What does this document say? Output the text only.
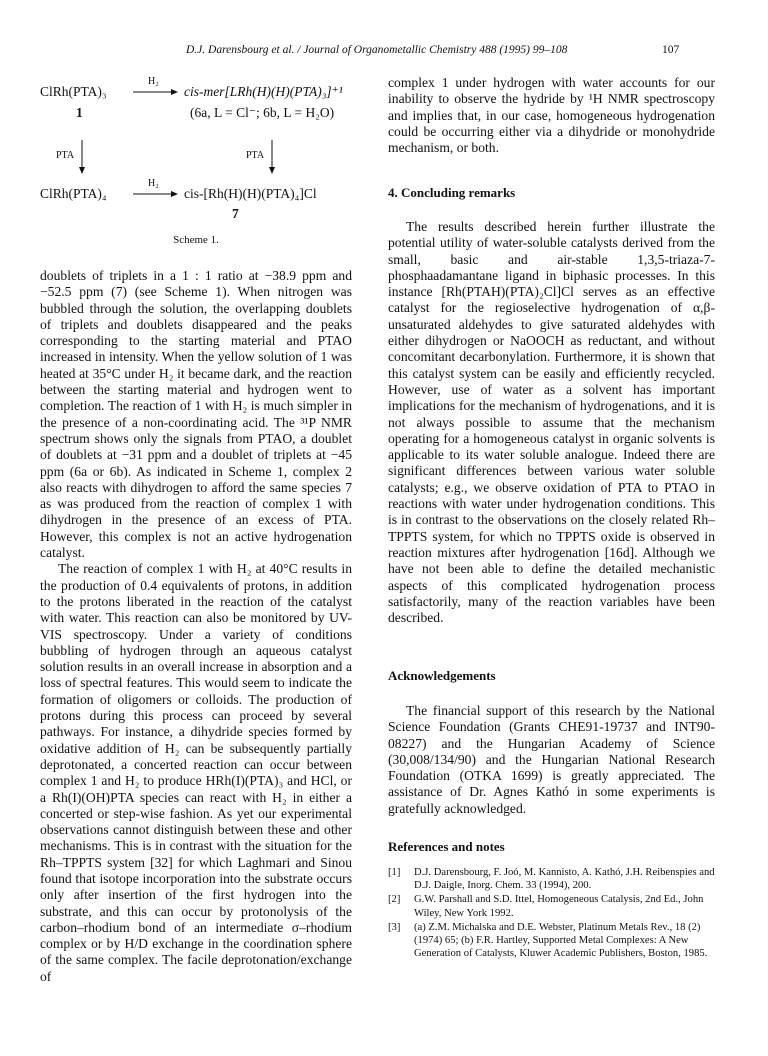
D.J. Darensbourg et al. / Journal of Organometallic Chemistry 488 (1995) 99–108	107
ClRh(PTA)₃
H₂
cis-mer[LRh(H)(H)(PTA)₃]⁺¹
1	(6a, L = Cl⁻; 6b, L = H₂O)
PTA	PTA
ClRh(PTA)₄
H₂
cis-[Rh(H)(H)(PTA)₄]Cl
7
Scheme 1.

doublets of triplets in a 1 : 1 ratio at −38.9 ppm and −52.5 ppm (7) (see Scheme 1). When nitrogen was bubbled through the solution, the overlapping doublets of triplets and doublets disappeared and the peaks corresponding to the starting material and PTAO increased in intensity. When the yellow solution of 1 was heated at 35°C under H₂ it became dark, and the reaction between the starting material and hydrogen went to completion. The reaction of 1 with H₂ is much simpler in the presence of a non-coordinating acid. The ³¹P NMR spectrum shows only the signals from PTAO, a doublet of doublets at −31 ppm and a doublet of triplets at −45 ppm (6a or 6b). As indicated in Scheme 1, complex 2 also reacts with dihydrogen to afford the same species 7 as was produced from the reaction of complex 1 with dihydrogen in the presence of an excess of PTA. However, this complex is not an active hydrogenation catalyst.

The reaction of complex 1 with H₂ at 40°C results in the production of 0.4 equivalents of protons, in addition to the protons liberated in the reaction of the catalyst with water. This reaction can also be monitored by UV-VIS spectroscopy. Under a variety of conditions bubbling of hydrogen through an aqueous catalyst solution results in an overall increase in absorption and a loss of spectral features. This would seem to indicate the formation of oligomers or colloids. The production of protons during this process can proceed by several pathways. For instance, a dihydride species formed by oxidative addition of H₂ can be subsequently partially deprotonated, a concerted reaction can occur between complex 1 and H₂ to produce HRh(I)(PTA)₃ and HCl, or a Rh(I)(OH)PTA species can react with H₂ in either a concerted or step-wise fashion. As yet our experimental observations cannot distinguish between these and other mechanisms. This is in contrast with the situation for the Rh–TPPTS system [32] for which Laghmari and Sinou found that isotope incorporation into the substrate occurs only after insertion of the first hydrogen into the substrate, and this can occur by protonolysis of the carbon–rhodium bond of an intermediate σ–rhodium complex or by H/D exchange in the coordination sphere of the same complex. The facile deprotonation/exchange of

complex 1 under hydrogen with water accounts for our inability to observe the hydride by ¹H NMR spectroscopy and implies that, in our case, homogeneous hydrogenation could be occurring either via a dihydride or monohydride mechanism, or both.

4. Concluding remarks

The results described herein further illustrate the potential utility of water-soluble catalysts derived from the small, basic and air-stable 1,3,5-triaza-7-phosphaadamantane ligand in biphasic processes. In this instance [Rh(PTAH)(PTA)₂Cl]Cl serves as an effective catalyst for the regioselective hydrogenation of α,β-unsaturated aldehydes to give saturated aldehydes with either dihydrogen or NaOOCH as reductant, and without concomitant decarbonylation. Furthermore, it is shown that this catalyst system can be easily and efficiently recycled. However, use of water as a solvent has important implications for the mechanism of hydrogenations, and it is not always possible to assume that the mechanism operating for a homogeneous catalyst in organic solvents is applicable to its water soluble analogue. Indeed there are significant differences between various water soluble catalysts; e.g., we observe oxidation of PTA to PTAO in reactions with water under hydrogenation conditions. This is in contrast to the observations on the closely related Rh–TPPTS system, for which no TPPTS oxide is observed in reaction mixtures after hydrogenation [16d]. Although we have not been able to define the detailed mechanistic aspects of this complicated hydrogenation process satisfactorily, many of the reaction variables have been described.

Acknowledgements

The financial support of this research by the National Science Foundation (Grants CHE91-19737 and INT90-08227) and the Hungarian Academy of Science (30,008/134/90) and the Hungarian National Research Foundation (OTKA 1699) is greatly appreciated. The assistance of Dr. Agnes Kathó in some experiments is gratefully acknowledged.

References and notes
[1] D.J. Darensbourg, F. Joó, M. Kannisto, A. Kathó, J.H. Reibenspies and D.J. Daigle, Inorg. Chem. 33 (1994), 200.
[2] G.W. Parshall and S.D. Ittel, Homogeneous Catalysis, 2nd Ed., John Wiley, New York 1992.
[3] (a) Z.M. Michalska and D.E. Webster, Platinum Metals Rev., 18 (2) (1974) 65; (b) F.R. Hartley, Supported Metal Complexes: A New Generation of Catalysts, Kluwer Academic Publishers, Boston, 1985.
